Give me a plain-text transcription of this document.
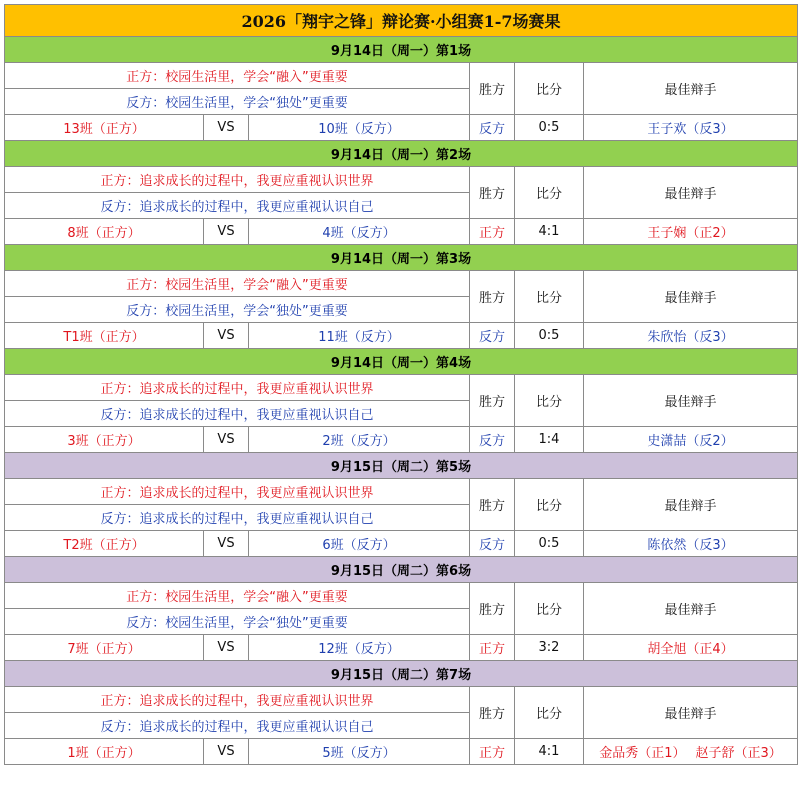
2026「翔宇之锋」辩论赛·小组赛1-7场赛果					
9月14日（周一）第1场					
正方：校园生活里，学会“融入”更重要			胜方	比分	最佳辩手
反方：校园生活里，学会“独处”更重要					
13班（正方）	VS	10班（反方）	反方	0:5	王子欢（反3）
9月14日（周一）第2场					
正方：追求成长的过程中，我更应重视认识世界			胜方	比分	最佳辩手
反方：追求成长的过程中，我更应重视认识自己					
8班（正方）	VS	4班（反方）	正方	4:1	王子娴（正2）
9月14日（周一）第3场					
正方：校园生活里，学会“融入”更重要			胜方	比分	最佳辩手
反方：校园生活里，学会“独处”更重要					
T1班（正方）	VS	11班（反方）	反方	0:5	朱欣怡（反3）
9月14日（周一）第4场					
正方：追求成长的过程中，我更应重视认识世界			胜方	比分	最佳辩手
反方：追求成长的过程中，我更应重视认识自己					
3班（正方）	VS	2班（反方）	反方	1:4	史潇喆（反2）
9月15日（周二）第5场					
正方：追求成长的过程中，我更应重视认识世界			胜方	比分	最佳辩手
反方：追求成长的过程中，我更应重视认识自己					
T2班（正方）	VS	6班（反方）	反方	0:5	陈依然（反3）
9月15日（周二）第6场					
正方：校园生活里，学会“融入”更重要			胜方	比分	最佳辩手
反方：校园生活里，学会“独处”更重要					
7班（正方）	VS	12班（反方）	正方	3:2	胡全旭（正4）
9月15日（周二）第7场					
正方：追求成长的过程中，我更应重视认识世界			胜方	比分	最佳辩手
反方：追求成长的过程中，我更应重视认识自己					
1班（正方）	VS	5班（反方）	正方	4:1	金品秀（正1） 赵子舒（正3）
